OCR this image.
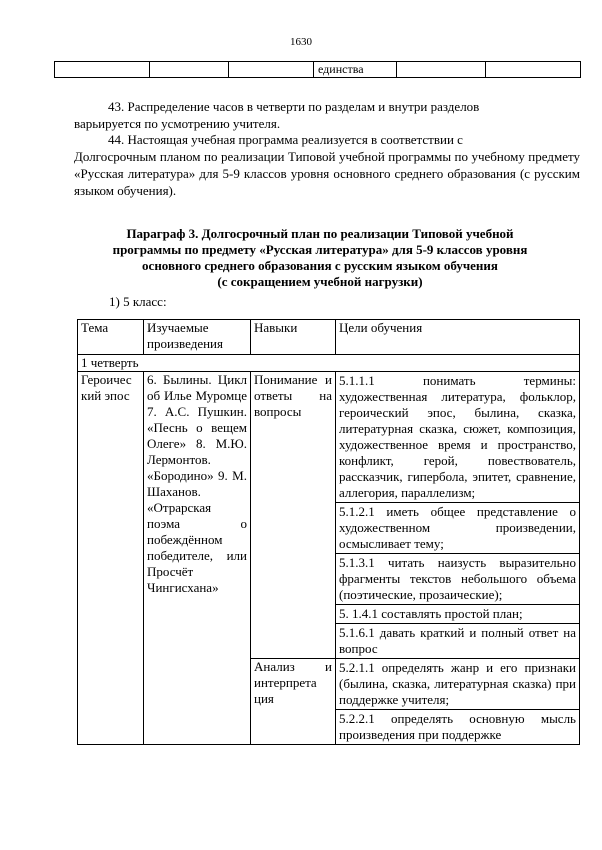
1630
			единства		

43. Распределение часов в четверти по разделам и внутри разделов
варьируется по усмотрению учителя.

44. Настоящая учебная программа реализуется в соответствии с
Долгосрочным планом по реализации Типовой учебной программы по учебному предмету «Русская литература» для 5-9 классов уровня основного среднего образования (с русским языком обучения).

Параграф 3. Долгосрочный план по реализации Типовой учебной
программы по предмету «Русская литература» для 5-9 классов уровня
основного среднего образования с русским языком обучения
(с сокращением учебной нагрузки)
1) 5 класс:
Тема	Изучаемые произведения	Навыки	Цели обучения
1 четверть			
Героичес кий эпос	6. Былины. Цикл об Илье Муромце 7. А.С. Пушкин. «Песнь о вещем Олеге» 8. М.Ю. Лермонтов. «Бородино» 9. М. Шаханов. «Отрарская поэма о побеждённом победителе, или Просчёт Чингисхана»	Понимание и ответы на вопросы	5.1.1.1 понимать термины: художественная литература, фольклор, героический эпос, былина, сказка, литературная сказка, сюжет, композиция, художественное время и пространство, конфликт, герой, повествователь, рассказчик, гипербола, эпитет, сравнение, аллегория, параллелизм;
5.1.2.1 иметь общее представление о художественном произведении, осмысливает тему;
5.1.3.1 читать наизусть выразительно фрагменты текстов небольшого объема (поэтические, прозаические);
5. 1.4.1 составлять простой план;
5.1.6.1 давать краткий и полный ответ на вопрос

		Анализ и интерпрета ция	5.2.1.1 определять жанр и его признаки (былина, сказка, литературная сказка) при поддержке учителя;
5.2.2.1 определять основную мысль произведения при поддержке
